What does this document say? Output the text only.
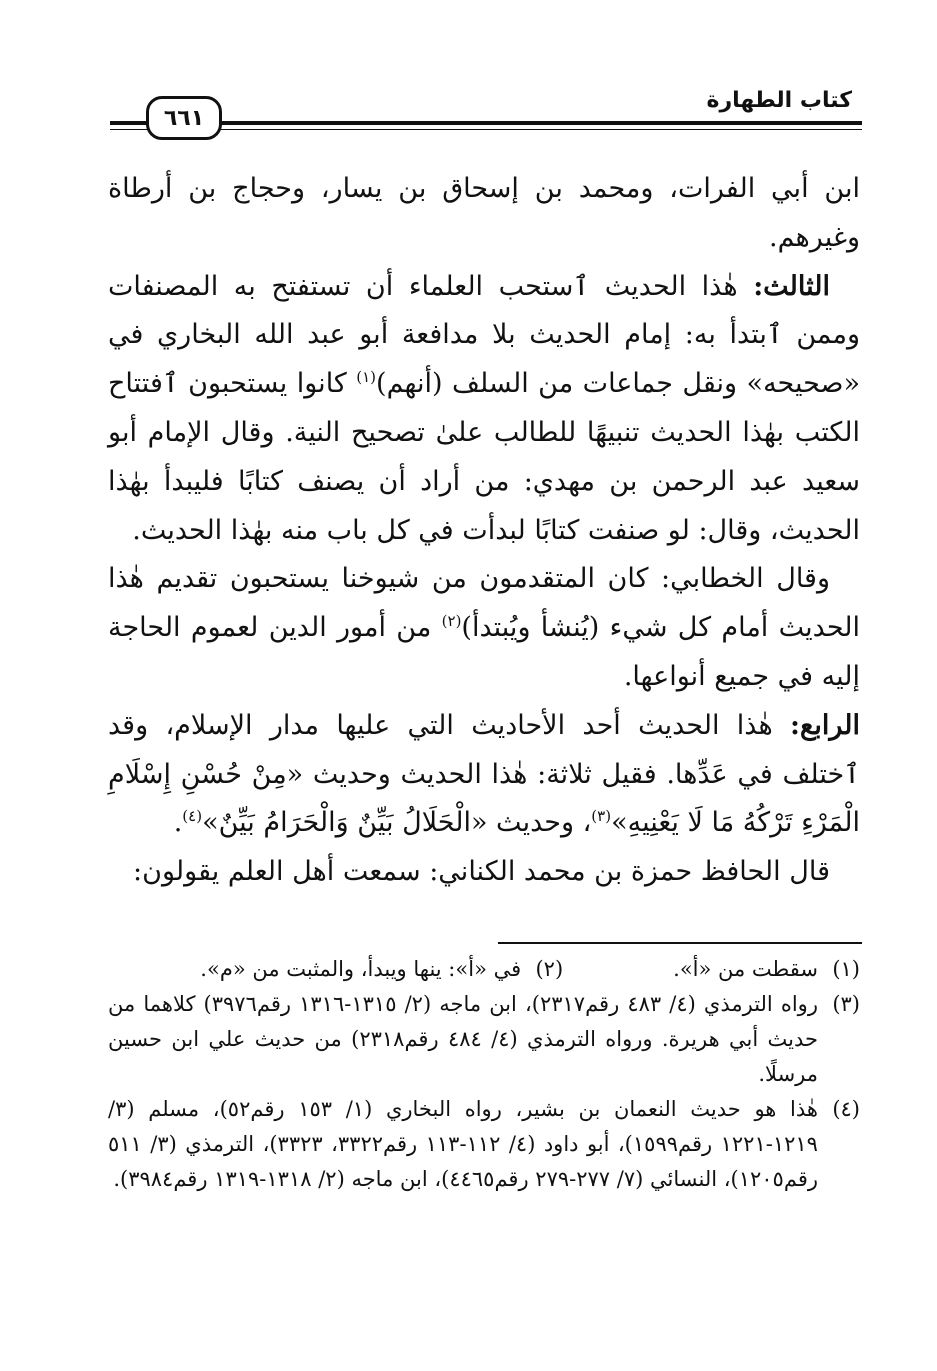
كتاب الطهارة
٦٦١

ابن أبي الفرات، ومحمد بن إسحاق بن يسار، وحجاج بن أرطاة وغيرهم.

الثالث: هٰذا الحديث ٱستحب العلماء أن تستفتح به المصنفات وممن ٱبتدأ به: إمام الحديث بلا مدافعة أبو عبد الله البخاري في «صحيحه» ونقل جماعات من السلف (أنهم)$^{(١)}$ كانوا يستحبون ٱفتتاح الكتب بهٰذا الحديث تنبيهًا للطالب علىٰ تصحيح النية. وقال الإمام أبو سعيد عبد الرحمن بن مهدي: من أراد أن يصنف كتابًا فليبدأ بهٰذا الحديث، وقال: لو صنفت كتابًا لبدأت في كل باب منه بهٰذا الحديث.

وقال الخطابي: كان المتقدمون من شيوخنا يستحبون تقديم هٰذا الحديث أمام كل شيء (يُنشأ ويُبتدأ)$^{(٢)}$ من أمور الدين لعموم الحاجة إليه في جميع أنواعها.

الرابع: هٰذا الحديث أحد الأحاديث التي عليها مدار الإسلام، وقد ٱختلف في عَدِّها. فقيل ثلاثة: هٰذا الحديث وحديث «مِنْ حُسْنِ إِسْلَامِ الْمَرْءِ تَرْكُهُ مَا لَا يَعْنِيهِ»$^{(٣)}$، وحديث «الْحَلَالُ بَيِّنٌ وَالْحَرَامُ بَيِّنٌ»$^{(٤)}$.

قال الحافظ حمزة بن محمد الكناني: سمعت أهل العلم يقولون:

(١)
سقطت من «أ».
(٢)
في «أ»: ينها ويبدأ، والمثبت من «م».
(٣)
رواه الترمذي (٤/ ٤٨٣ رقم٢٣١٧)، ابن ماجه (٢/ ١٣١٥-١٣١٦ رقم٣٩٧٦) كلاهما من حديث أبي هريرة. ورواه الترمذي (٤/ ٤٨٤ رقم٢٣١٨) من حديث علي ابن حسين مرسلًا.
(٤)
هٰذا هو حديث النعمان بن بشير، رواه البخاري (١/ ١٥٣ رقم٥٢)، مسلم (٣/ ١٢١٩-١٢٢١ رقم١٥٩٩)، أبو داود (٤/ ١١٢-١١٣ رقم٣٣٢٢، ٣٣٢٣)، الترمذي (٣/ ٥١١ رقم١٢٠٥)، النسائي (٧/ ٢٧٧-٢٧٩ رقم٤٤٦٥)، ابن ماجه (٢/ ١٣١٨-١٣١٩ رقم٣٩٨٤).
